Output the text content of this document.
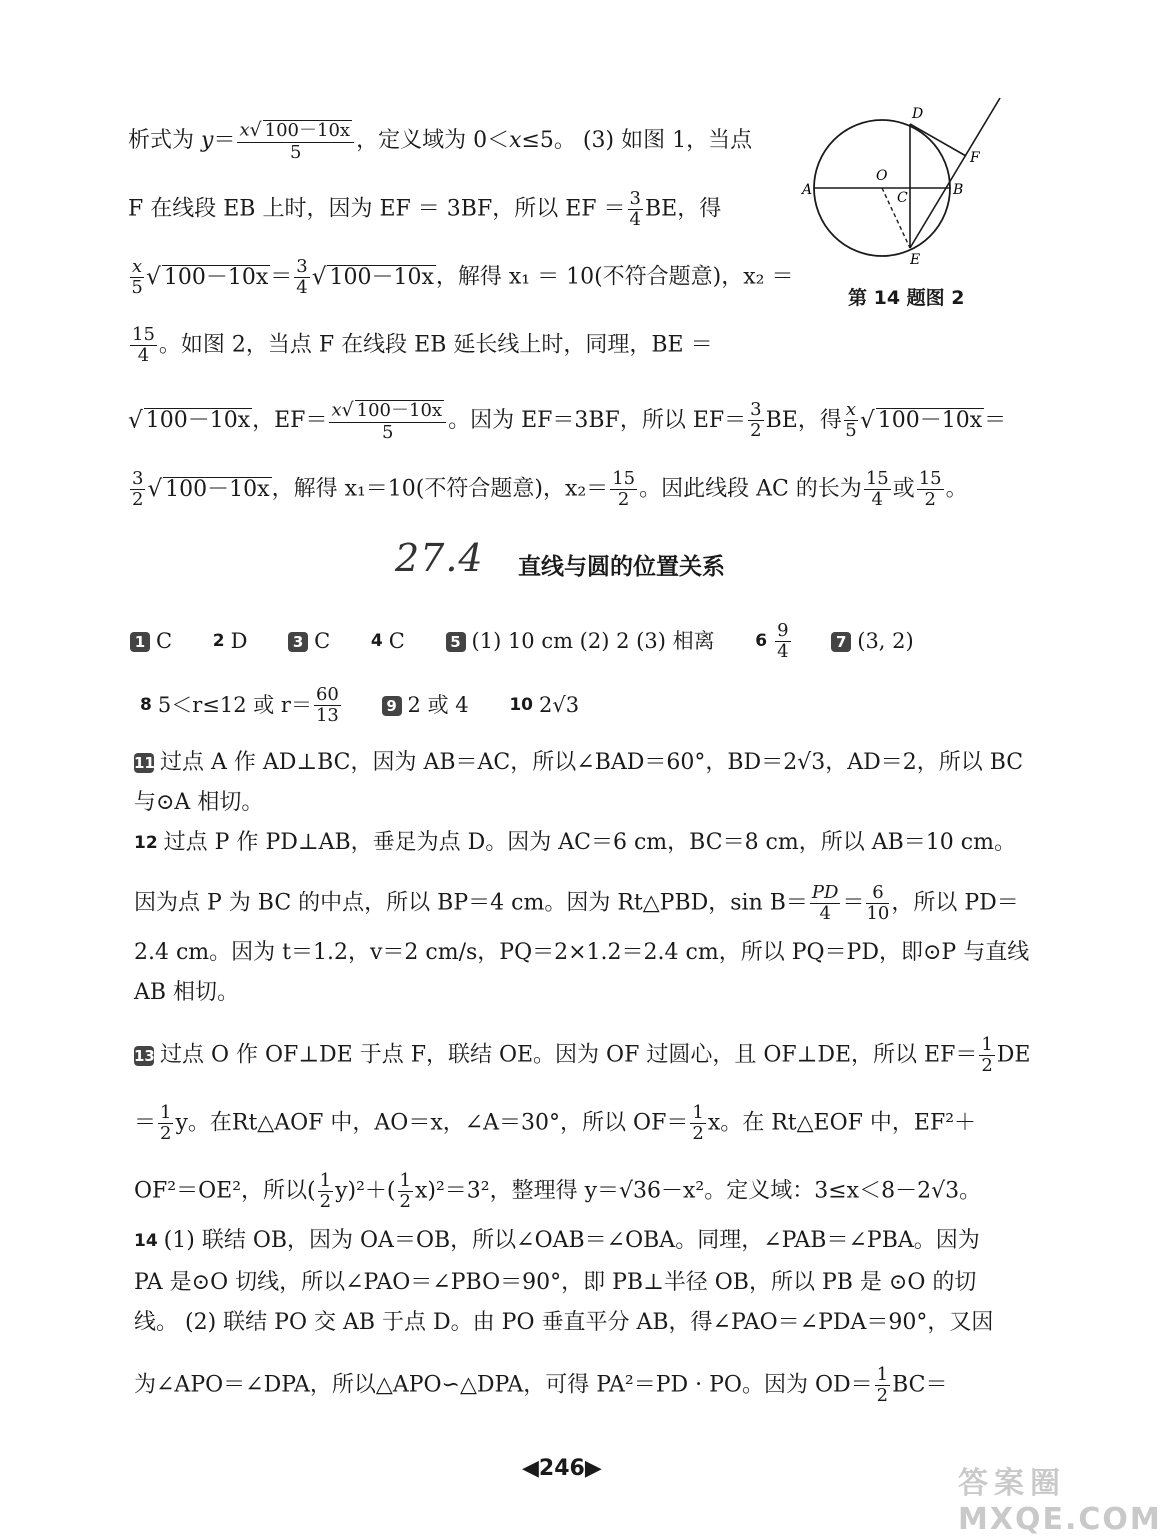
析式为 $y= \frac{x√ 100-10x}{5}$ ，定义域为 0＜x≤5。 (3) 如图 1，当点
F 在线段 EB 上时，因为 EF ＝ 3BF，所以 EF ＝ $\frac{3}{4}$ BE，得
$\frac{x}{5}$ √ $100-10x= \frac{3}{4}$ √ 100－10x，解得 x₁ ＝ 10(不符合题意)，x₂ ＝
$\frac{15}{4}$ 。如图 2，当点 F 在线段 EB 延长线上时，同理，BE ＝
√ 100－10x，$EF= \frac{x√ 100-10x}{5}$ 。因为 EF＝3BF，所以 $EF= \frac{3}{2}$ BE，得 $\frac{x}{5}$ √ 100－10x＝
$\frac{3}{2}$ √ 100－10x，解得 x₁＝10(不符合题意)，$x_2= \frac{15}{2}$ 。因此线段 AC 的长为 $\frac{15}{4}$ 或 $\frac{15}{2}$ 。
D
F
A
O
C	B
E
第 14 题图 2
27.4 直线与圆的位置关系
1 C 2 D	3 C 4 C	5 (1) 10 cm (2) 2 (3) 相离 $6 \frac{9}{4}$	7 (3, 2)
8 5＜r≤12 或 $r= \frac{60}{13}$	9 2 或 4 10 2√3
11 过点 A 作 AD⊥BC，因为 AB＝AC，所以∠BAD＝60°，BD＝2√3，AD＝2，所以 BC
与⊙A 相切。
12 过点 P 作 PD⊥AB，垂足为点 D。因为 AC＝6 cm，BC＝8 cm，所以 AB＝10 cm。
因为点 P 为 BC 的中点，所以 BP＝4 cm。因为 Rt△PBD，$\sin B= \frac{PD}{4} = \frac{6}{10}$ ，所以 PD＝
2.4 cm。因为 t＝1.2，v＝2 cm/s，PQ＝2×1.2＝2.4 cm，所以 PQ＝PD，即⊙P 与直线
AB 相切。
13 过点 O 作 OF⊥DE 于点 F，联结 OE。因为 OF 过圆心，且 OF⊥DE，所以 $EF= \frac{1}{2}$ DE
＝ $\frac{1}{2}$ y。在Rt△AOF 中，AO＝x，∠A＝30°，所以 $OF= \frac{1}{2}$ x。在 Rt△EOF 中，EF²＋
OF²＝OE²，所以( $\frac{1}{2} y)^2+( \frac{1}{2} x)^2=3^2$，整理得 y＝√36－x²。定义域：3≤x＜8－2√3。
14 (1) 联结 OB，因为 OA＝OB，所以∠OAB＝∠OBA。同理，∠PAB＝∠PBA。因为
PA 是⊙O 切线，所以∠PAO＝∠PBO＝90°，即 PB⊥半径 OB，所以 PB 是 ⊙O 的切
线。 (2) 联结 PO 交 AB 于点 D。由 PO 垂直平分 AB，得∠PAO＝∠PDA＝90°，又因
为∠APO＝∠DPA，所以△APO∽△DPA，可得 PA²＝PD · PO。因为 $OD= \frac{1}{2} BC=$
◀246▶	答案圈
MXQE.COM
